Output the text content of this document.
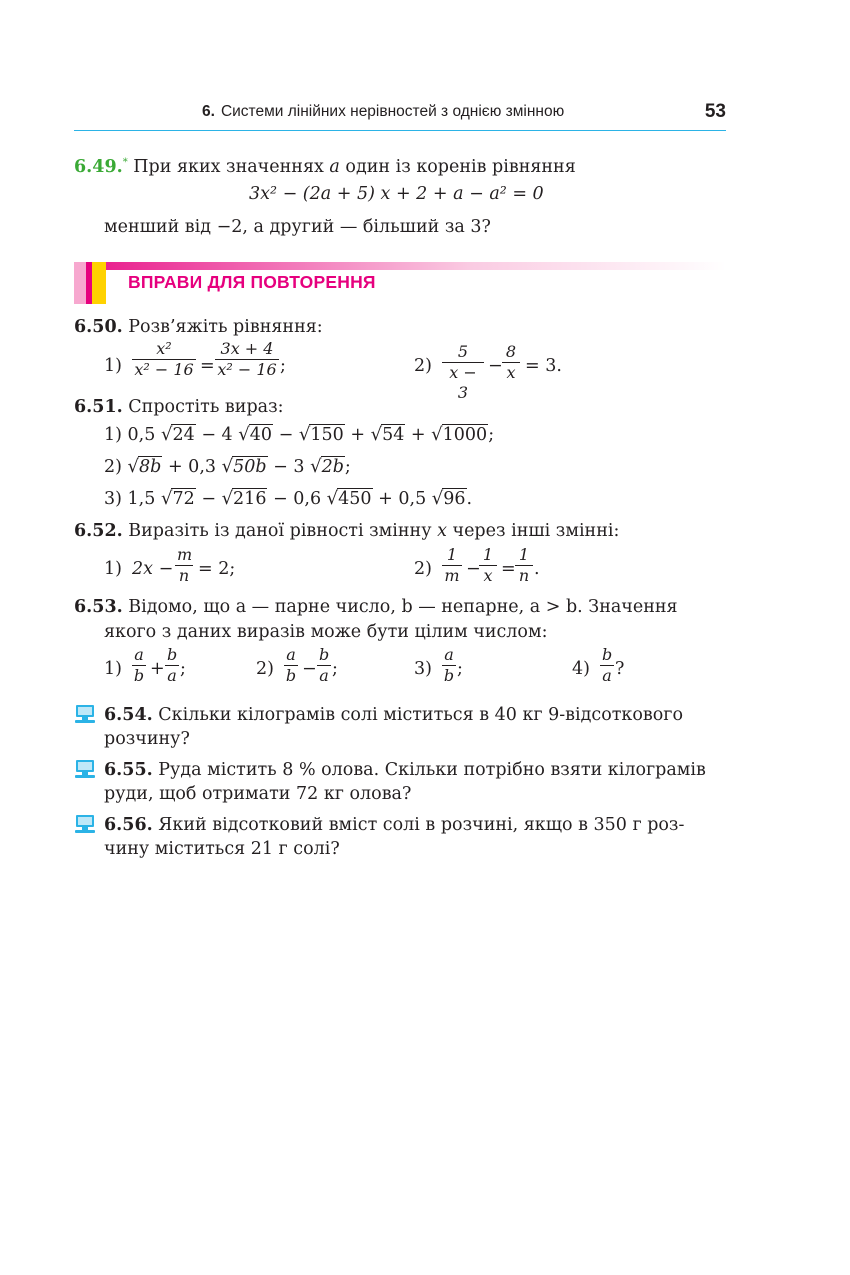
6. Системи лінійних нерівностей з однією змінною	53
6.49.* При яких значеннях a один із коренів рівняння
3x² − (2a + 5) x + 2 + a − a² = 0
менший від −2, а другий — більший за 3?
ВПРАВИ ДЛЯ ПОВТОРЕННЯ
6.50. Розв’яжіть рівняння:
$1) \frac{\text{x²}}{\text{x² − 16}} = \frac{3x + 4}{\text{x² − 16}}$ ;	$2) \frac{5}{x - 3} - \frac{8}{x} = 3$.
6.51. Спростіть вираз:
1) 0,5 √24 − 4 √40 − √150 + √54 + √1000;
2) √8b + 0,3 √50b − 3 √2b;
3) 1,5 √72 − √216 − 0,6 √450 + 0,5 √96.
6.52. Виразіть із даної рівності змінну x через інші змінні:
1) $2x - \frac{m}{n} = 2$;	$2) \frac{1}{m}$ −
$\frac{1}{x} = \frac{1}{n}$ .
6.53. Відомо, що a — парне число, b — непарне, a > b. Значення
якого з даних виразів може бути цілим числом:
$1) \frac{a}{b} + \frac{b}{a}$ ;	$2) \frac{a}{b} - \frac{b}{a}$ ;	$3) \frac{a}{b}$ ;	$4) \frac{b}{a}$ ?
6.54. Скільки кілограмів солі міститься в 40 кг 9-відсоткового
розчину?
6.55. Руда містить 8 % олова. Скільки потрібно взяти кілограмів
руди, щоб отримати 72 кг олова?
6.56. Який відсотковий вміст солі в розчині, якщо в 350 г роз-
чину міститься 21 г солі?
